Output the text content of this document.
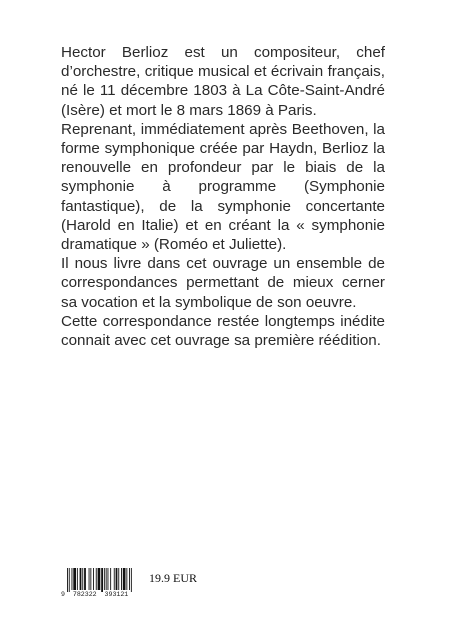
Hector Berlioz est un compositeur, chef d’orchestre, critique musical et écrivain français, né le 11 décembre 1803 à La Côte-Saint-André (Isère) et mort le 8 mars 1869 à Paris.

Reprenant, immédiatement après Beethoven, la forme symphonique créée par Haydn, Berlioz la renouvelle en profondeur par le biais de la symphonie à programme (Symphonie fantastique), de la symphonie concertante (Harold en Italie) et en créant la « symphonie dramatique » (Roméo et Juliette).

Il nous livre dans cet ouvrage un ensemble de correspondances permettant de mieux cerner sa vocation et la symbolique de son oeuvre.

Cette correspondance restée longtemps inédite connait avec cet ouvrage sa première réédition.

9  782322  393121
19.9 EUR
